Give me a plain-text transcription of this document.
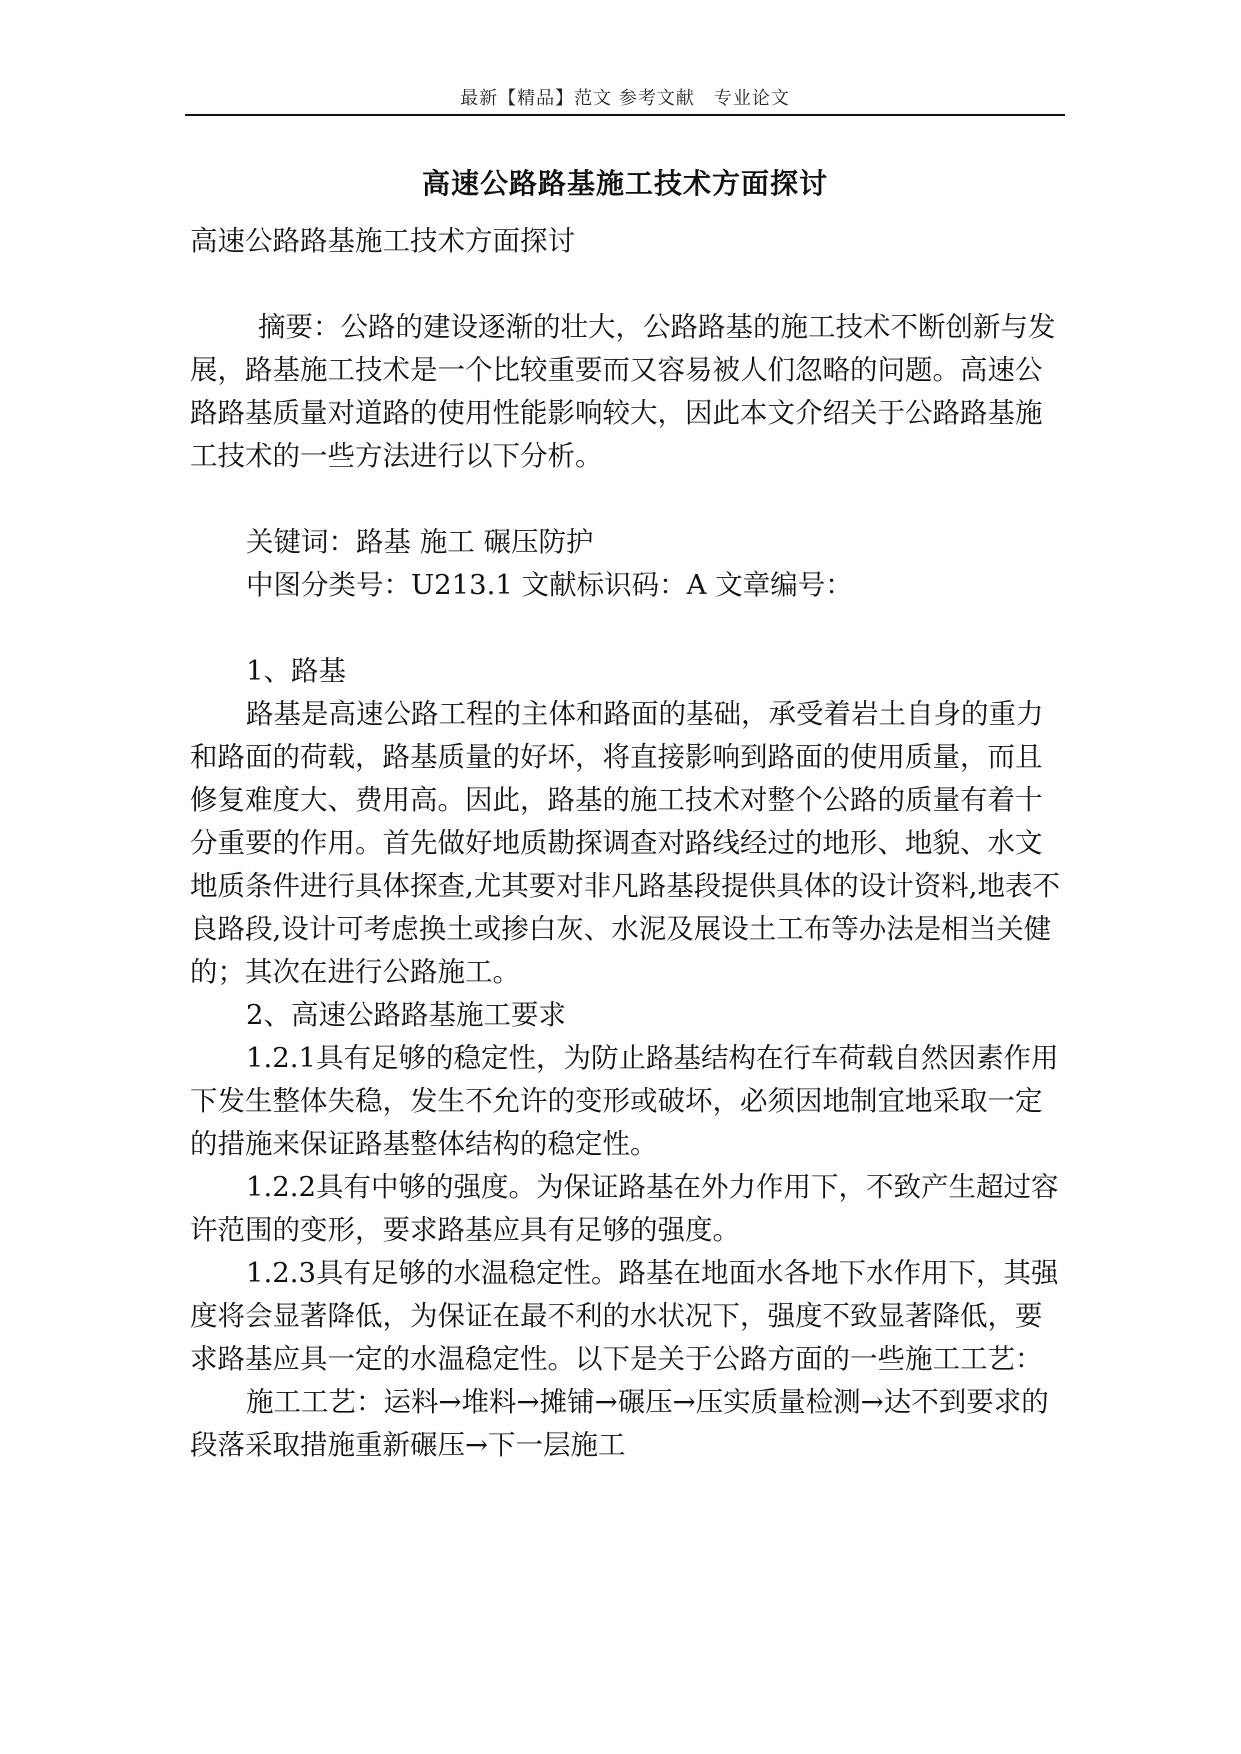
最新【精品】范文 参考文献　专业论文
高速公路路基施工技术方面探讨

高速公路路基施工技术方面探讨

摘要：公路的建设逐渐的壮大，公路路基的施工技术不断创新与发展，路基施工技术是一个比较重要而又容易被人们忽略的问题。高速公路路基质量对道路的使用性能影响较大，因此本文介绍关于公路路基施工技术的一些方法进行以下分析。

关键词：路基 施工 碾压防护

中图分类号：U213.1 文献标识码：A 文章编号：

1、路基

路基是高速公路工程的主体和路面的基础，承受着岩土自身的重力和路面的荷载，路基质量的好坏，将直接影响到路面的使用质量，而且修复难度大、费用高。因此，路基的施工技术对整个公路的质量有着十分重要的作用。首先做好地质勘探调查对路线经过的地形、地貌、水文地质条件进行具体探查,尤其要对非凡路基段提供具体的设计资料,地表不良路段,设计可考虑换土或掺白灰、水泥及展设土工布等办法是相当关健的；其次在进行公路施工。

2、高速公路路基施工要求

1.2.1具有足够的稳定性，为防止路基结构在行车荷载自然因素作用下发生整体失稳，发生不允许的变形或破坏，必须因地制宜地采取一定的措施来保证路基整体结构的稳定性。

1.2.2具有中够的强度。为保证路基在外力作用下，不致产生超过容许范围的变形，要求路基应具有足够的强度。

1.2.3具有足够的水温稳定性。路基在地面水各地下水作用下，其强度将会显著降低，为保证在最不利的水状况下，强度不致显著降低，要求路基应具一定的水温稳定性。以下是关于公路方面的一些施工工艺：

施工工艺：运料→堆料→摊铺→碾压→压实质量检测→达不到要求的段落采取措施重新碾压→下一层施工
